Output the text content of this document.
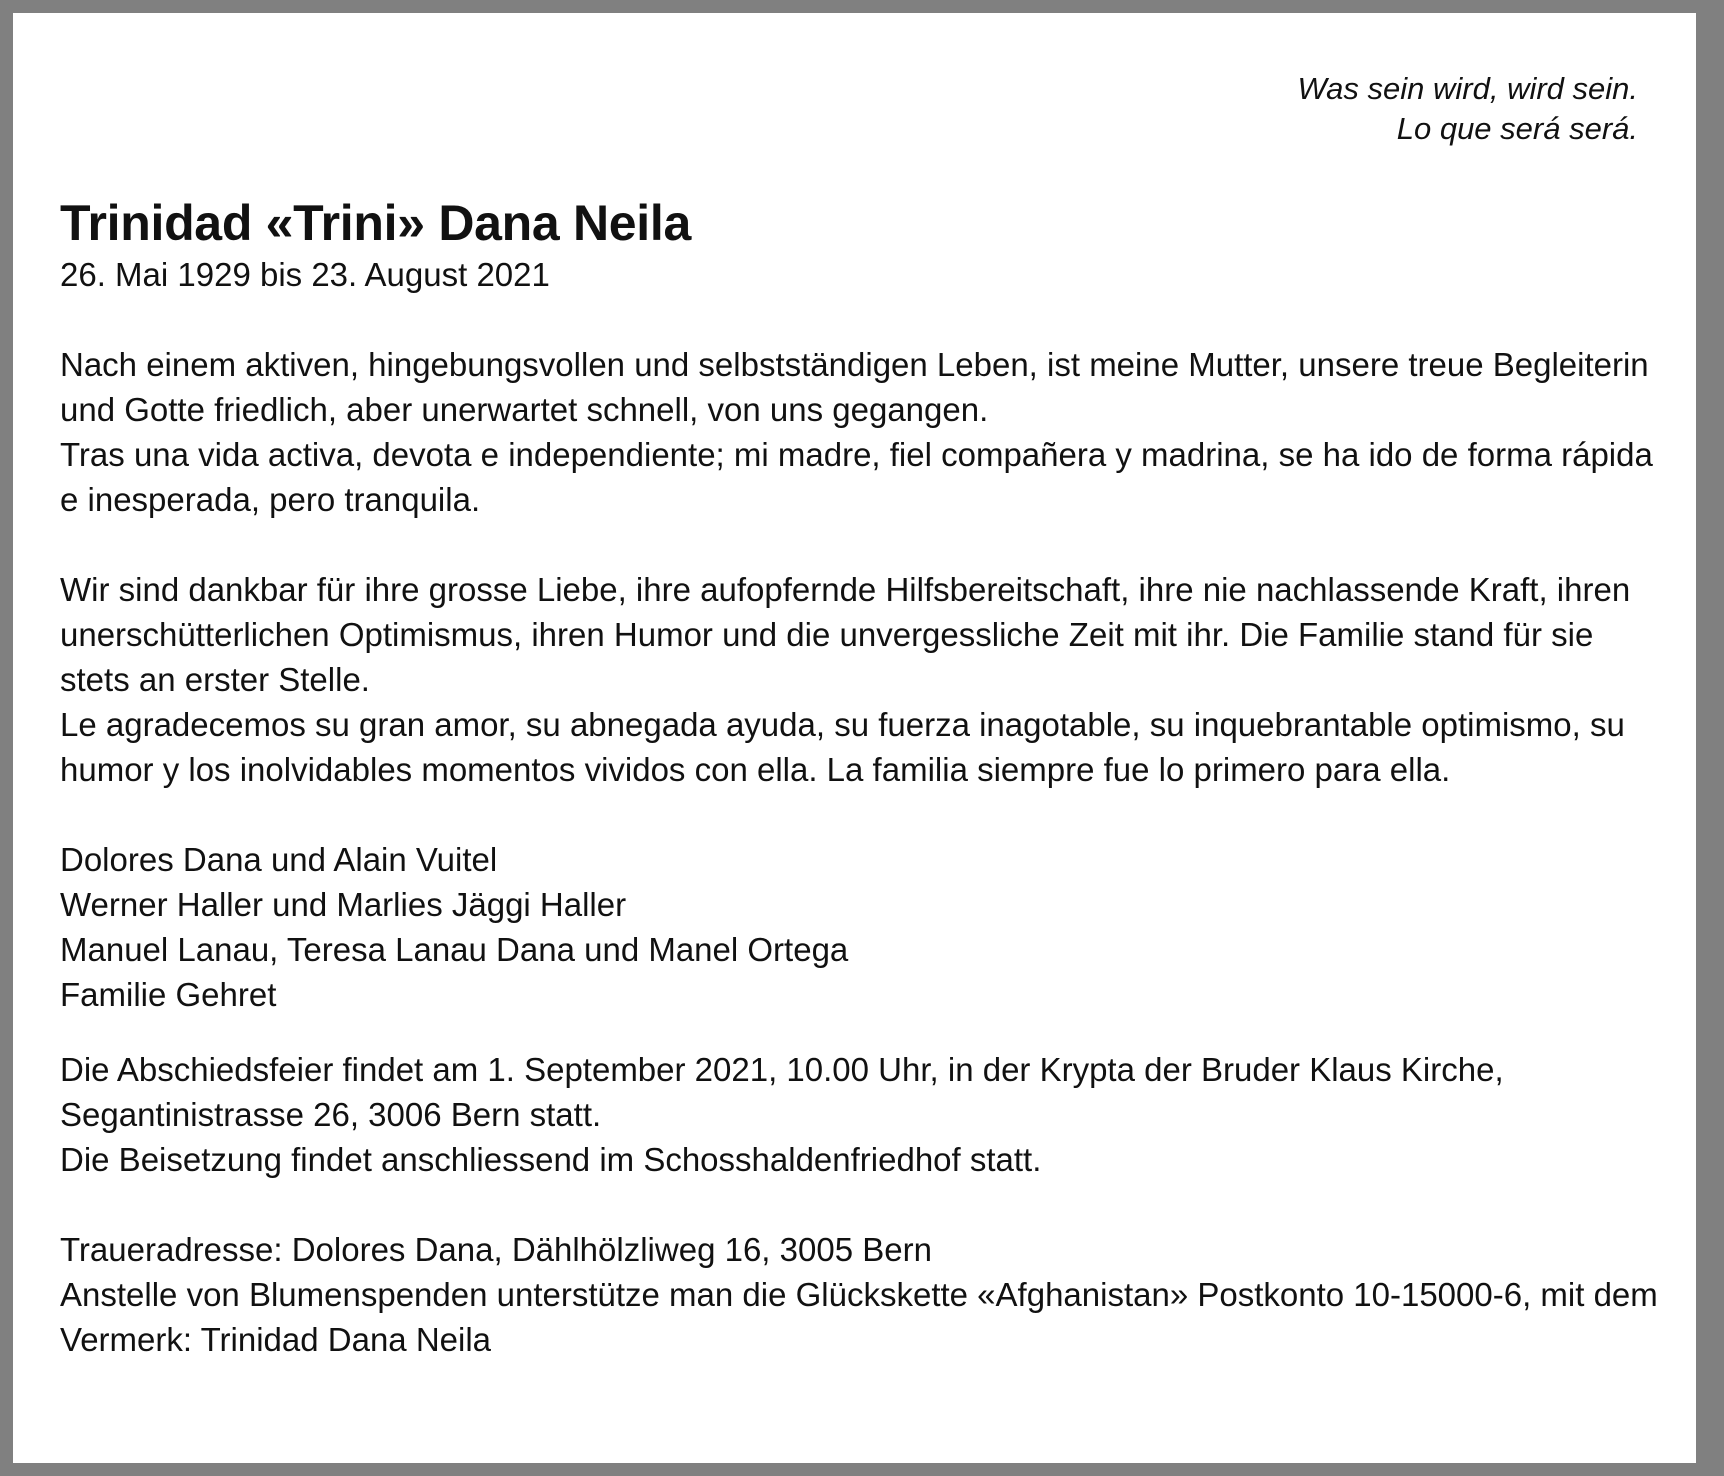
Was sein wird, wird sein.
Lo que será será.
Trinidad «Trini» Dana Neila

26. Mai 1929 bis 23. August 2021

Nach einem aktiven, hingebungsvollen und selbstständigen Leben, ist meine Mutter, unsere treue Begleiterin und Gotte friedlich, aber unerwartet schnell, von uns gegangen.

Tras una vida activa, devota e independiente; mi madre, fiel compañera y madrina, se ha ido de forma rápida e inesperada, pero tranquila.

Wir sind dankbar für ihre grosse Liebe, ihre aufopfernde Hilfsbereitschaft, ihre nie nachlassende Kraft, ihren unerschütterlichen Optimismus, ihren Humor und die unvergessliche Zeit mit ihr. Die Familie stand für sie stets an erster Stelle.

Le agradecemos su gran amor, su abnegada ayuda, su fuerza inagotable, su inquebrantable optimismo, su humor y los inolvidables momentos vividos con ella. La familia siempre fue lo primero para ella.

Dolores Dana und Alain Vuitel

Werner Haller und Marlies Jäggi Haller

Manuel Lanau, Teresa Lanau Dana und Manel Ortega

Familie Gehret

Die Abschiedsfeier findet am 1. September 2021, 10.00 Uhr, in der Krypta der Bruder Klaus Kirche, Segantinistrasse 26, 3006 Bern statt.

Die Beisetzung findet anschliessend im Schosshaldenfriedhof statt.

Traueradresse: Dolores Dana, Dählhölzliweg 16, 3005 Bern

Anstelle von Blumenspenden unterstütze man die Glückskette «Afghanistan» Postkonto 10-15000-6, mit dem Vermerk: Trinidad Dana Neila
